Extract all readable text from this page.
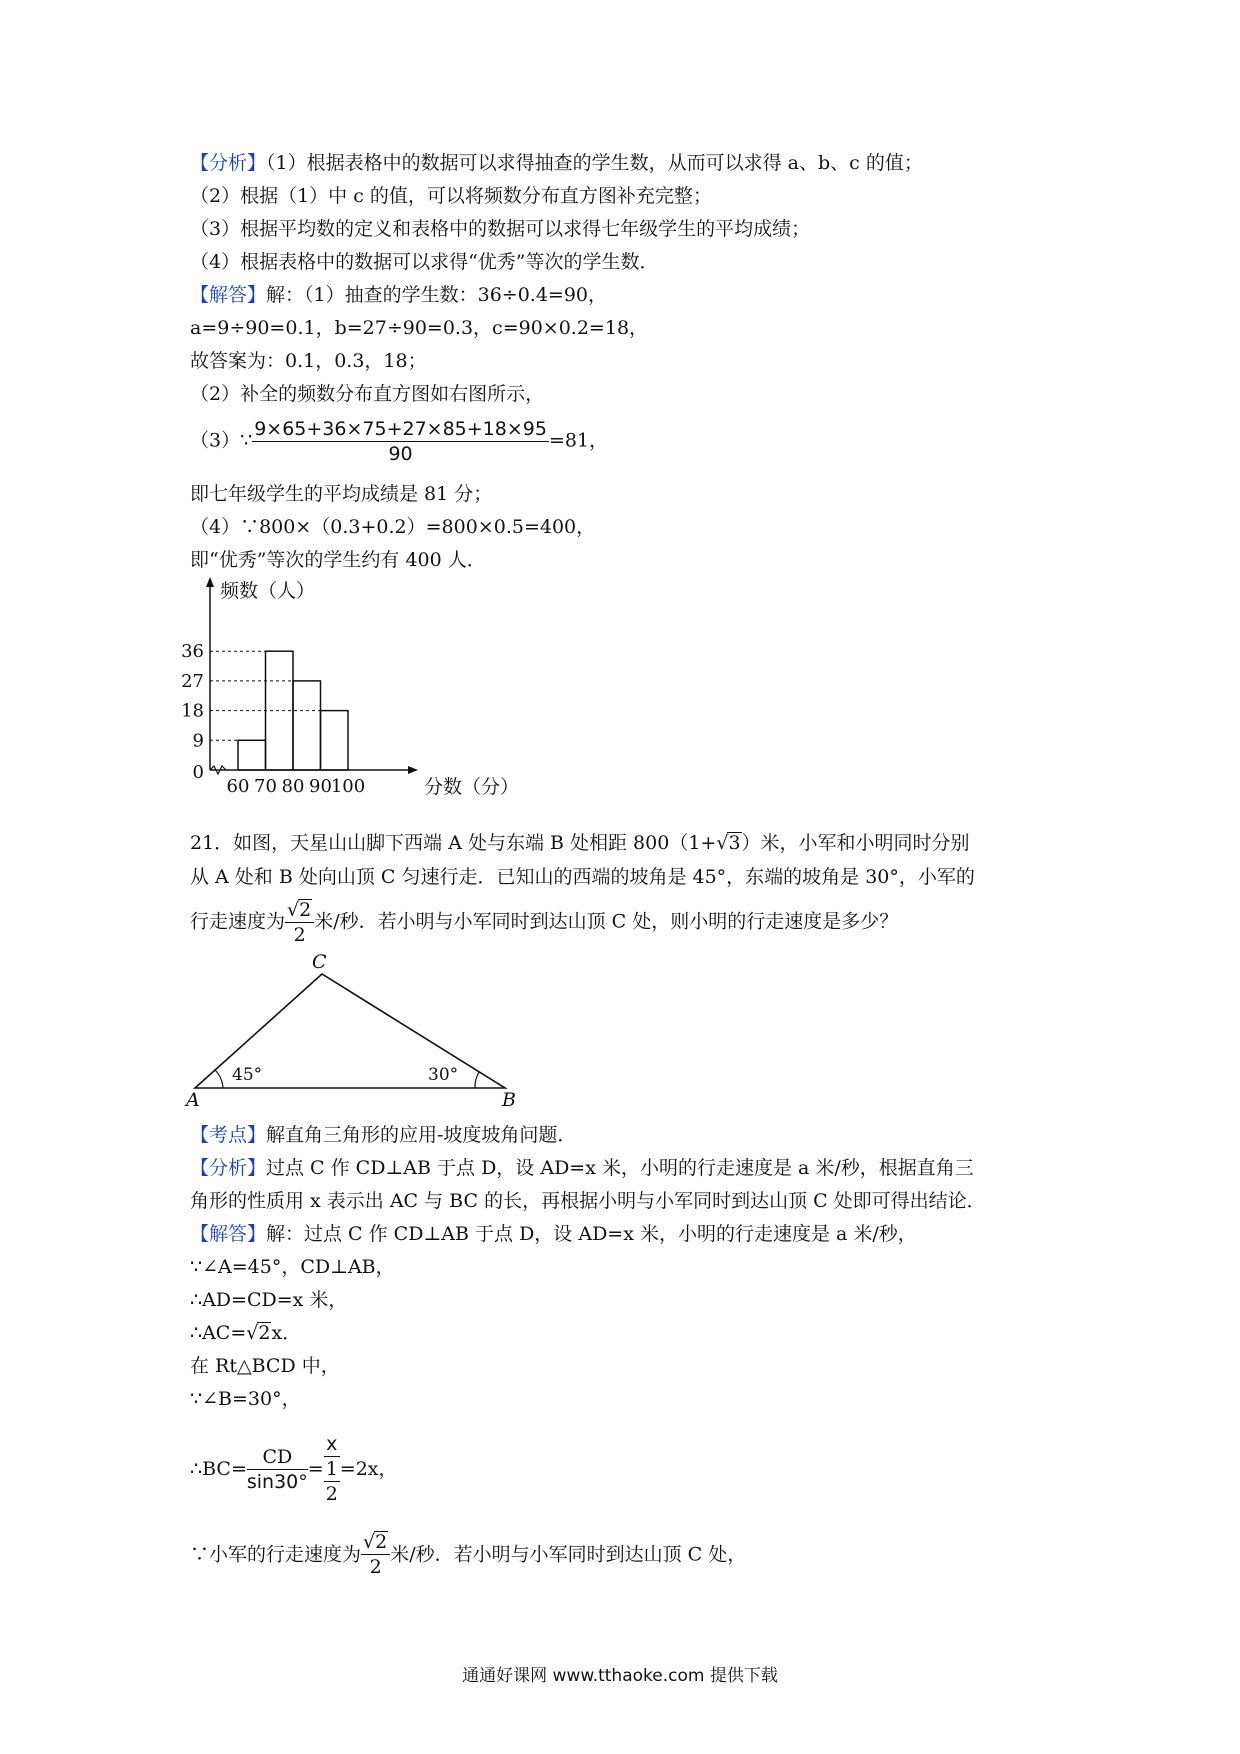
【分析】（1）根据表格中的数据可以求得抽查的学生数，从而可以求得 a、b、c 的值；
（2）根据（1）中 c 的值，可以将频数分布直方图补充完整；
（3）根据平均数的定义和表格中的数据可以求得七年级学生的平均成绩；
（4）根据表格中的数据可以求得“优秀”等次的学生数．
【解答】解：（1）抽查的学生数：36÷0.4=90，
a=9÷90=0.1，b=27÷90=0.3，c=90×0.2=18，
故答案为：0.1，0.3，18；
（2）补全的频数分布直方图如右图所示，
（3）∵ $\frac{9\times 65+36\times 75+27\times 85+18\times 95}{90} =81$，
即七年级学生的平均成绩是 81 分；
（4）∵800×（0.3+0.2）=800×0.5=400，
即“优秀”等次的学生约有 400 人．
0
9
18
27
36
60 70 80 90
100
频数（人）
分数（分）
21．如图，天星山山脚下西端 A 处与东端 B 处相距 800（1+√3）米，小军和小明同时分别
从 A 处和 B 处向山顶 C 匀速行走．已知山的西端的坡角是 45°，东端的坡角是 30°，小军的
行走速度为 $\frac{√2}{2}$ 米/秒．若小明与小军同时到达山顶 C 处，则小明的行走速度是多少？
A	B
C
45°	30°
【考点】解直角三角形的应用-坡度坡角问题．
【分析】过点 C 作 CD⊥AB 于点 D，设 AD=x 米，小明的行走速度是 a 米/秒，根据直角三
角形的性质用 x 表示出 AC 与 BC 的长，再根据小明与小军同时到达山顶 C 处即可得出结论．
【解答】解：过点 C 作 CD⊥AB 于点 D，设 AD=x 米，小明的行走速度是 a 米/秒，
∵∠A=45°，CD⊥AB，
∴AD=CD=x 米，
∴AC=√2x．
在 Rt△BCD 中，
∵∠B=30°，
∴BC= $\frac{CD}{\sin 30^\circ} = \frac{x}{\frac{1}{2}} =2x$，
∵小军的行走速度为 $\frac{√2}{2}$ 米/秒．若小明与小军同时到达山顶 C 处，
通通好课网 www.tthaoke.com 提供下载
